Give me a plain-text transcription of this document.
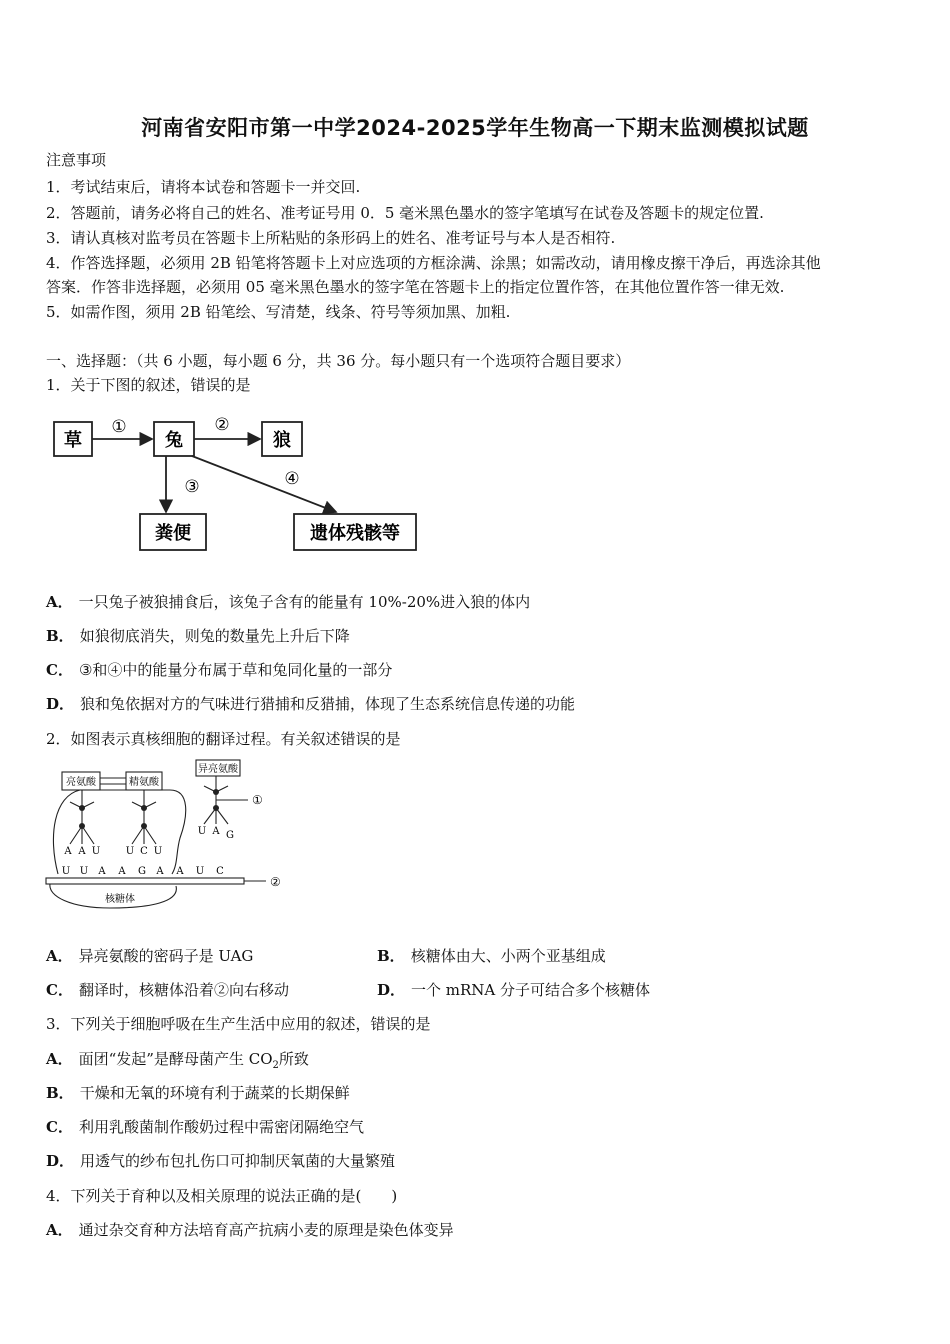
河南省安阳市第一中学2024-2025学年生物高一下期末监测模拟试题
注意事项
1．考试结束后，请将本试卷和答题卡一并交回.
2．答题前，请务必将自己的姓名、准考证号用 0．5 毫米黑色墨水的签字笔填写在试卷及答题卡的规定位置.
3．请认真核对监考员在答题卡上所粘贴的条形码上的姓名、准考证号与本人是否相符.
4．作答选择题，必须用 2B 铅笔将答题卡上对应选项的方框涂满、涂黑；如需改动，请用橡皮擦干净后，再选涂其他
答案．作答非选择题，必须用 05 毫米黑色墨水的签字笔在答题卡上的指定位置作答，在其他位置作答一律无效.
5．如需作图，须用 2B 铅笔绘、写清楚，线条、符号等须加黑、加粗.
一、选择题：（共 6 小题，每小题 6 分，共 36 分。每小题只有一个选项符合题目要求）
1．关于下图的叙述，错误的是
草	兔	狼
粪便	遗体残骸等
①	②
③	④
A． 一只兔子被狼捕食后，该兔子含有的能量有 10%-20%进入狼的体内
B． 如狼彻底消失，则兔的数量先上升后下降
C． ③和④中的能量分布属于草和兔同化量的一部分
D． 狼和兔依据对方的气味进行猎捕和反猎捕，体现了生态系统信息传递的功能
2．如图表示真核细胞的翻译过程。有关叙述错误的是
亮氨酸	精氨酸
异亮氨酸
A A U	U C U
U A G
U U A A G A A U C
核糖体
①
②
A． 异亮氨酸的密码子是 UAG	B． 核糖体由大、小两个亚基组成
C． 翻译时，核糖体沿着②向右移动	D． 一个 mRNA 分子可结合多个核糖体
3．下列关于细胞呼吸在生产生活中应用的叙述，错误的是
A． 面团“发起”是酵母菌产生 $CO_2$所致
B． 干燥和无氧的环境有利于蔬菜的长期保鲜
C． 利用乳酸菌制作酸奶过程中需密闭隔绝空气
D． 用透气的纱布包扎伤口可抑制厌氧菌的大量繁殖
4．下列关于育种以及相关原理的说法正确的是(　　)
A． 通过杂交育种方法培育高产抗病小麦的原理是染色体变异
